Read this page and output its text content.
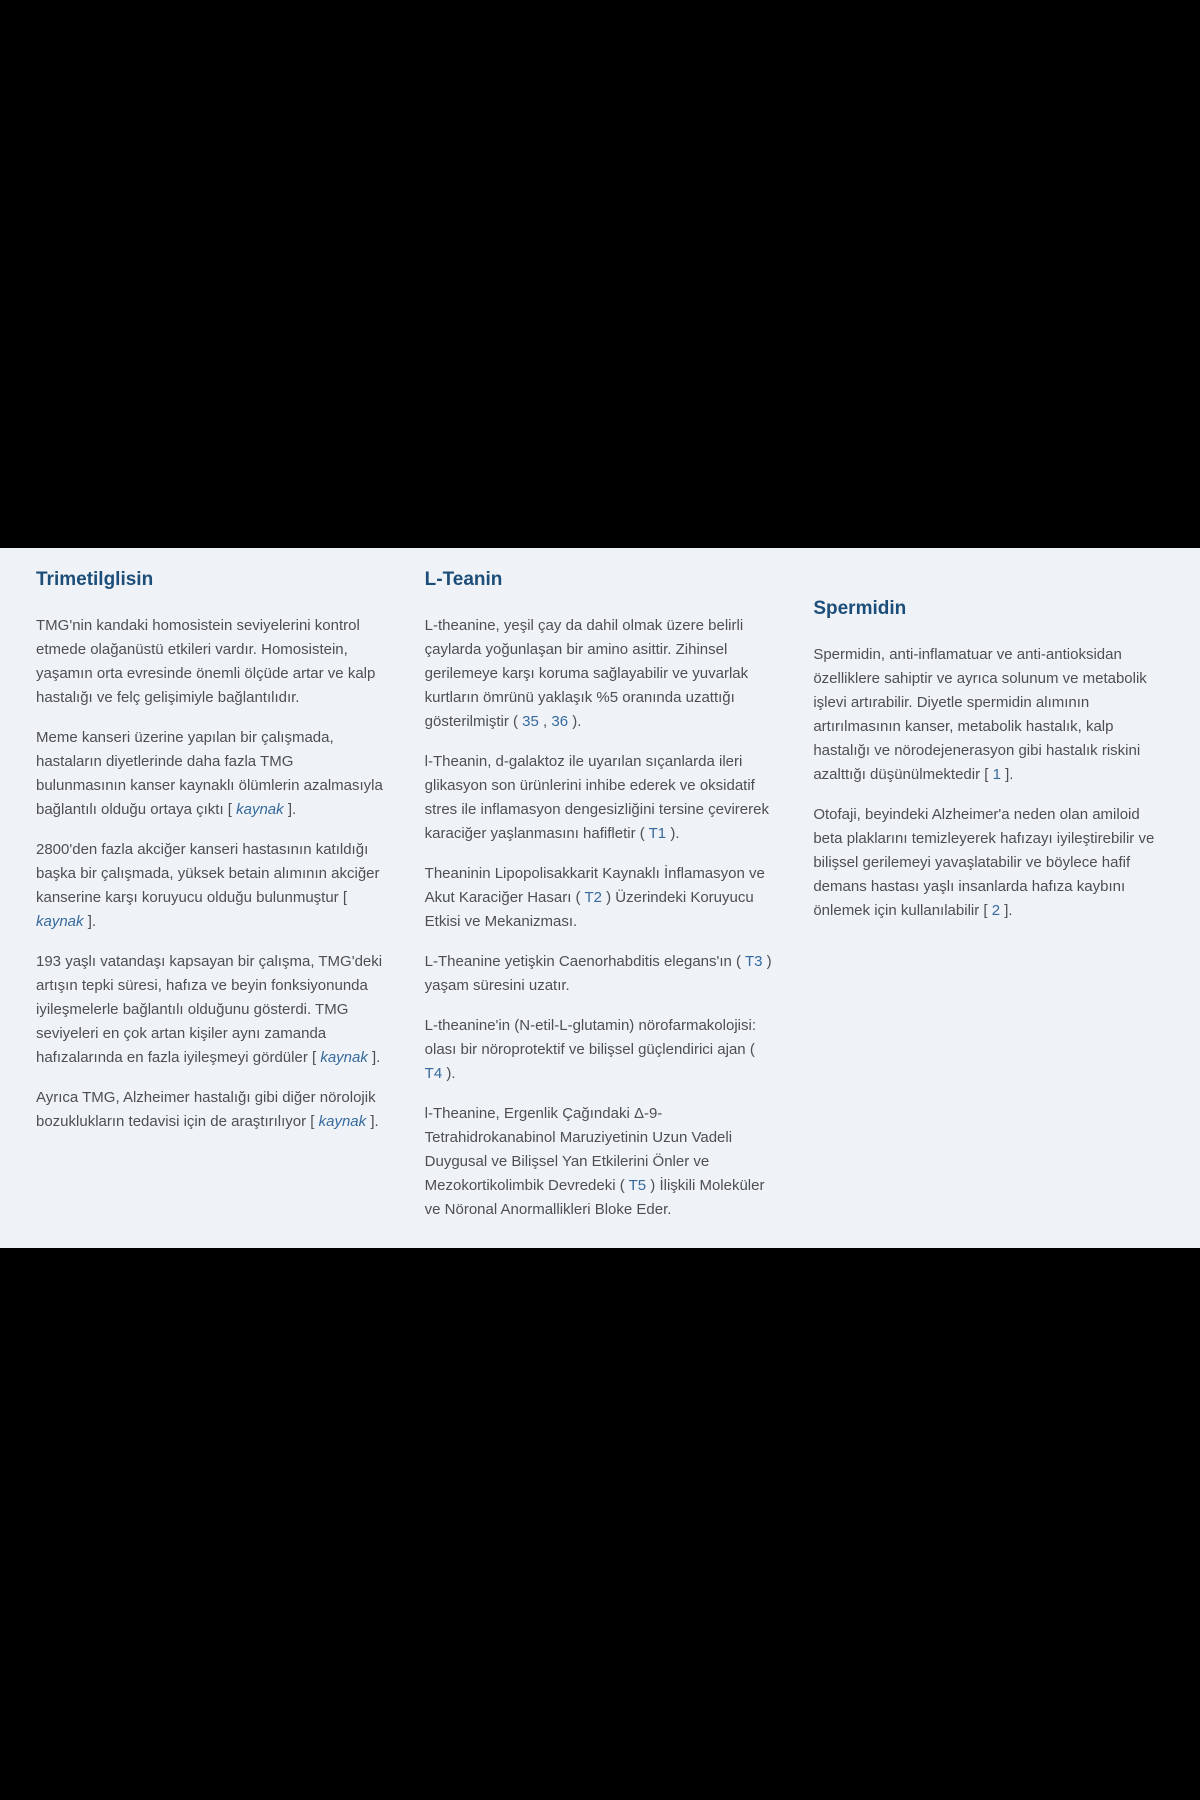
Trimetilglisin

TMG'nin kandaki homosistein seviyelerini kontrol etmede olağanüstü etkileri vardır. Homosistein, yaşamın orta evresinde önemli ölçüde artar ve kalp hastalığı ve felç gelişimiyle bağlantılıdır.

Meme kanseri üzerine yapılan bir çalışmada, hastaların diyetlerinde daha fazla TMG bulunmasının kanser kaynaklı ölümlerin azalmasıyla bağlantılı olduğu ortaya çıktı [ kaynak ].

2800'den fazla akciğer kanseri hastasının katıldığı başka bir çalışmada, yüksek betain alımının akciğer kanserine karşı koruyucu olduğu bulunmuştur [ kaynak ].

193 yaşlı vatandaşı kapsayan bir çalışma, TMG'deki artışın tepki süresi, hafıza ve beyin fonksiyonunda iyileşmelerle bağlantılı olduğunu gösterdi. TMG seviyeleri en çok artan kişiler aynı zamanda hafızalarında en fazla iyileşmeyi gördüler [ kaynak ].

Ayrıca TMG, Alzheimer hastalığı gibi diğer nörolojik bozuklukların tedavisi için de araştırılıyor [ kaynak ].

L-Teanin

L-theanine, yeşil çay da dahil olmak üzere belirli çaylarda yoğunlaşan bir amino asittir. Zihinsel gerilemeye karşı koruma sağlayabilir ve yuvarlak kurtların ömrünü yaklaşık %5 oranında uzattığı gösterilmiştir ( 35 , 36 ).

l-Theanin, d-galaktoz ile uyarılan sıçanlarda ileri glikasyon son ürünlerini inhibe ederek ve oksidatif stres ile inflamasyon dengesizliğini tersine çevirerek karaciğer yaşlanmasını hafifletir ( T1 ).

Theaninin Lipopolisakkarit Kaynaklı İnflamasyon ve Akut Karaciğer Hasarı ( T2 ) Üzerindeki Koruyucu Etkisi ve Mekanizması.

L-Theanine yetişkin Caenorhabditis elegans'ın ( T3 ) yaşam süresini uzatır.

L-theanine'in (N-etil-L-glutamin) nörofarmakolojisi: olası bir nöroprotektif ve bilişsel güçlendirici ajan ( T4 ).

l-Theanine, Ergenlik Çağındaki Δ-9-Tetrahidrokanabinol Maruziyetinin Uzun Vadeli Duygusal ve Bilişsel Yan Etkilerini Önler ve Mezokortikolimbik Devredeki ( T5 ) İlişkili Moleküler ve Nöronal Anormallikleri Bloke Eder.

Spermidin

Spermidin, anti-inflamatuar ve anti-antioksidan özelliklere sahiptir ve ayrıca solunum ve metabolik işlevi artırabilir. Diyetle spermidin alımının artırılmasının kanser, metabolik hastalık, kalp hastalığı ve nörodejenerasyon gibi hastalık riskini azalttığı düşünülmektedir [ 1 ].

Otofaji, beyindeki Alzheimer'a neden olan amiloid beta plaklarını temizleyerek hafızayı iyileştirebilir ve bilişsel gerilemeyi yavaşlatabilir ve böylece hafif demans hastası yaşlı insanlarda hafıza kaybını önlemek için kullanılabilir [ 2 ].
